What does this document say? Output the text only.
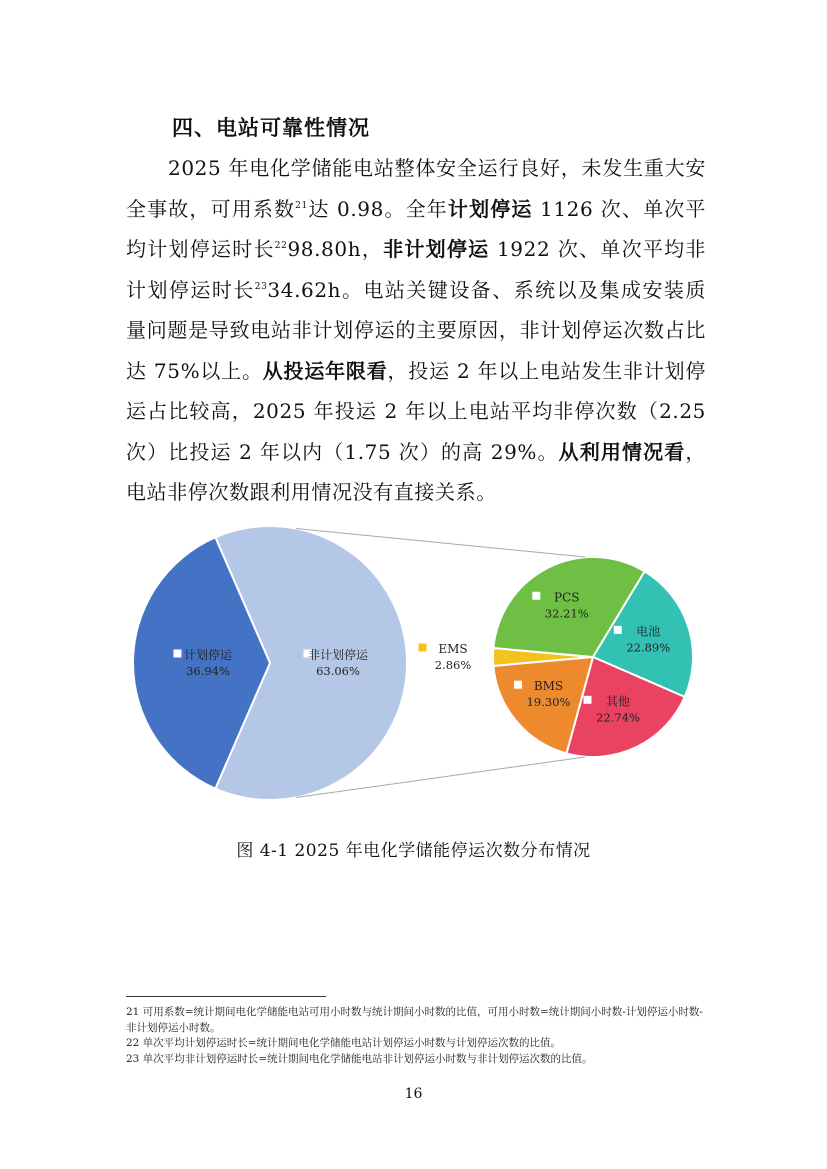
四、电站可靠性情况
2025 年电化学储能电站整体安全运行良好，未发生重大安全事故，可用系数$^{21}$达 0.98。全年计划停运 1126 次、单次平均计划停运时长$^{22}$98.80h，非计划停运 1922 次、单次平均非计划停运时长$^{23}$34.62h。电站关键设备、系统以及集成安装质量问题是导致电站非计划停运的主要原因，非计划停运次数占比达 75%以上。从投运年限看，投运 2 年以上电站发生非计划停运占比较高，2025 年投运 2 年以上电站平均非停次数（2.25 次）比投运 2 年以内（1.75 次）的高 29%。从利用情况看，电站非停次数跟利用情况没有直接关系。
计划停运
36.94%
非计划停运
63.06%
EMS
2.86%
PCS
32.21%
电池
22.89%
其他
22.74%
BMS
19.30%
图 4-1 2025 年电化学储能停运次数分布情况

21 可用系数=统计期间电化学储能电站可用小时数与统计期间小时数的比值，可用小时数=统计期间小时数-计划停运小时数-非计划停运小时数。

22 单次平均计划停运时长=统计期间电化学储能电站计划停运小时数与计划停运次数的比值。

23 单次平均非计划停运时长=统计期间电化学储能电站非计划停运小时数与非计划停运次数的比值。

16
